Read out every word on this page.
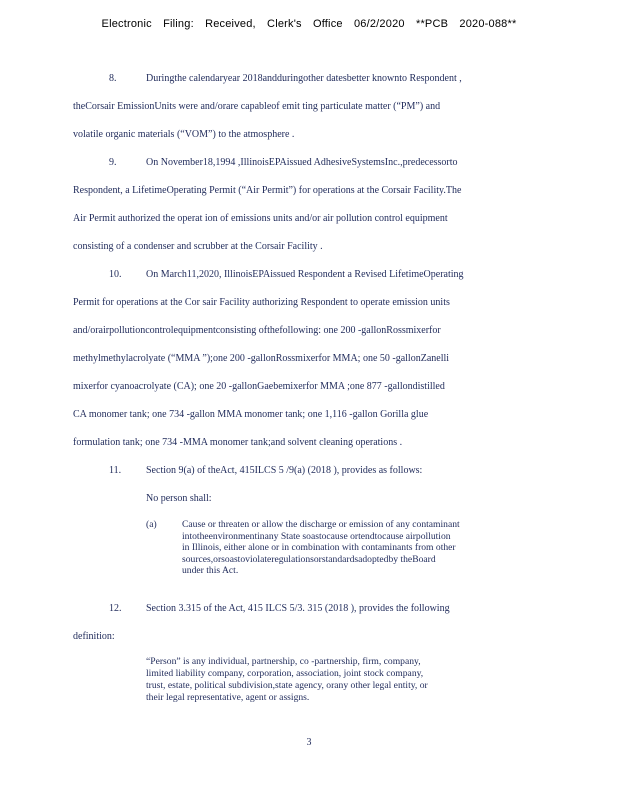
Electronic Filing: Received, Clerk's Office 06/2/2020 **PCB 2020-088**
8.	Duringthe calendaryear 2018andduringother datesbetter knownto Respondent ,
theCorsair EmissionUnits were and/orare capableof emit ting particulate matter (“PM”) and
volatile organic materials (“VOM”) to the atmosphere .
9.	On November18,1994 ,IllinoisEPAissued AdhesiveSystemsInc.,predecessorto
Respondent, a LifetimeOperating Permit (“Air Permit”) for operations at the Corsair Facility.The
Air Permit authorized the operat ion of emissions units and/or air pollution control equipment
consisting of a condenser and scrubber at the Corsair Facility .
10. On March11,2020, IllinoisEPAissued Respondent a Revised LifetimeOperating
Permit for operations at the Cor sair Facility authorizing Respondent to operate emission units
and/orairpollutioncontrolequipmentconsisting ofthefollowing: one 200 -gallonRossmixerfor
methylmethylacrolyate (“MMA ”);one 200 -gallonRossmixerfor MMA; one 50 -gallonZanelli
mixerfor cyanoacrolyate (CA); one 20 -gallonGaebemixerfor MMA ;one 877 -gallondistilled
CA monomer tank; one 734 -gallon MMA monomer tank; one 1,116 -gallon Gorilla glue
formulation tank; one 734 -MMA monomer tank;and solvent cleaning operations .
11. Section 9(a) of theAct, 415ILCS 5 /9(a) (2018 ), provides as follows:
No person shall:
(a)	Cause or threaten or allow the discharge or emission of any contaminant
intotheenvironmentinany State soastocause ortendtocause airpollution
in Illinois, either alone or in combination with contaminants from other
sources,orsoastoviolateregulationsorstandardsadoptedby theBoard
under this Act.
12. Section 3.315 of the Act, 415 ILCS 5/3. 315 (2018 ), provides the following
definition:
“Person” is any individual, partnership, co -partnership, firm, company,
limited liability company, corporation, association, joint stock company,
trust, estate, political subdivision,state agency, orany other legal entity, or
their legal representative, agent or assigns.
3
